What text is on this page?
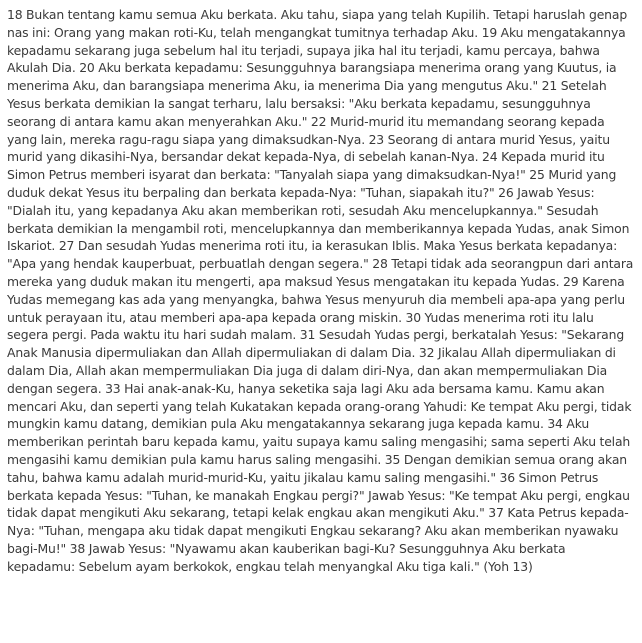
18 Bukan tentang kamu semua Aku berkata. Aku tahu, siapa yang telah Kupilih. Tetapi haruslah genap nas ini: Orang yang makan roti-Ku, telah mengangkat tumitnya terhadap Aku. 19 Aku mengatakannya kepadamu sekarang juga sebelum hal itu terjadi, supaya jika hal itu terjadi, kamu percaya, bahwa Akulah Dia. 20 Aku berkata kepadamu: Sesungguhnya barangsiapa menerima orang yang Kuutus, ia menerima Aku, dan barangsiapa menerima Aku, ia menerima Dia yang mengutus Aku." 21 Setelah Yesus berkata demikian Ia sangat terharu, lalu bersaksi: "Aku berkata kepadamu, sesungguhnya seorang di antara kamu akan menyerahkan Aku." 22 Murid-murid itu memandang seorang kepada yang lain, mereka ragu-ragu siapa yang dimaksudkan-Nya. 23 Seorang di antara murid Yesus, yaitu murid yang dikasihi-Nya, bersandar dekat kepada-Nya, di sebelah kanan-Nya. 24 Kepada murid itu Simon Petrus memberi isyarat dan berkata: "Tanyalah siapa yang dimaksudkan-Nya!" 25 Murid yang duduk dekat Yesus itu berpaling dan berkata kepada-Nya: "Tuhan, siapakah itu?" 26 Jawab Yesus: "Dialah itu, yang kepadanya Aku akan memberikan roti, sesudah Aku mencelupkannya." Sesudah berkata demikian Ia mengambil roti, mencelupkannya dan memberikannya kepada Yudas, anak Simon Iskariot. 27 Dan sesudah Yudas menerima roti itu, ia kerasukan Iblis. Maka Yesus berkata kepadanya: "Apa yang hendak kauperbuat, perbuatlah dengan segera." 28 Tetapi tidak ada seorangpun dari antara mereka yang duduk makan itu mengerti, apa maksud Yesus mengatakan itu kepada Yudas. 29 Karena Yudas memegang kas ada yang menyangka, bahwa Yesus menyuruh dia membeli apa-apa yang perlu untuk perayaan itu, atau memberi apa-apa kepada orang miskin. 30 Yudas menerima roti itu lalu segera pergi. Pada waktu itu hari sudah malam. 31 Sesudah Yudas pergi, berkatalah Yesus: "Sekarang Anak Manusia dipermuliakan dan Allah dipermuliakan di dalam Dia. 32 Jikalau Allah dipermuliakan di dalam Dia, Allah akan mempermuliakan Dia juga di dalam diri-Nya, dan akan mempermuliakan Dia dengan segera. 33 Hai anak-anak-Ku, hanya seketika saja lagi Aku ada bersama kamu. Kamu akan mencari Aku, dan seperti yang telah Kukatakan kepada orang-orang Yahudi: Ke tempat Aku pergi, tidak mungkin kamu datang, demikian pula Aku mengatakannya sekarang juga kepada kamu. 34 Aku memberikan perintah baru kepada kamu, yaitu supaya kamu saling mengasihi; sama seperti Aku telah mengasihi kamu demikian pula kamu harus saling mengasihi. 35 Dengan demikian semua orang akan tahu, bahwa kamu adalah murid-murid-Ku, yaitu jikalau kamu saling mengasihi." 36 Simon Petrus berkata kepada Yesus: "Tuhan, ke manakah Engkau pergi?" Jawab Yesus: "Ke tempat Aku pergi, engkau tidak dapat mengikuti Aku sekarang, tetapi kelak engkau akan mengikuti Aku." 37 Kata Petrus kepada-Nya: "Tuhan, mengapa aku tidak dapat mengikuti Engkau sekarang? Aku akan memberikan nyawaku bagi-Mu!" 38 Jawab Yesus: "Nyawamu akan kauberikan bagi-Ku? Sesungguhnya Aku berkata kepadamu: Sebelum ayam berkokok, engkau telah menyangkal Aku tiga kali." (Yoh 13)
